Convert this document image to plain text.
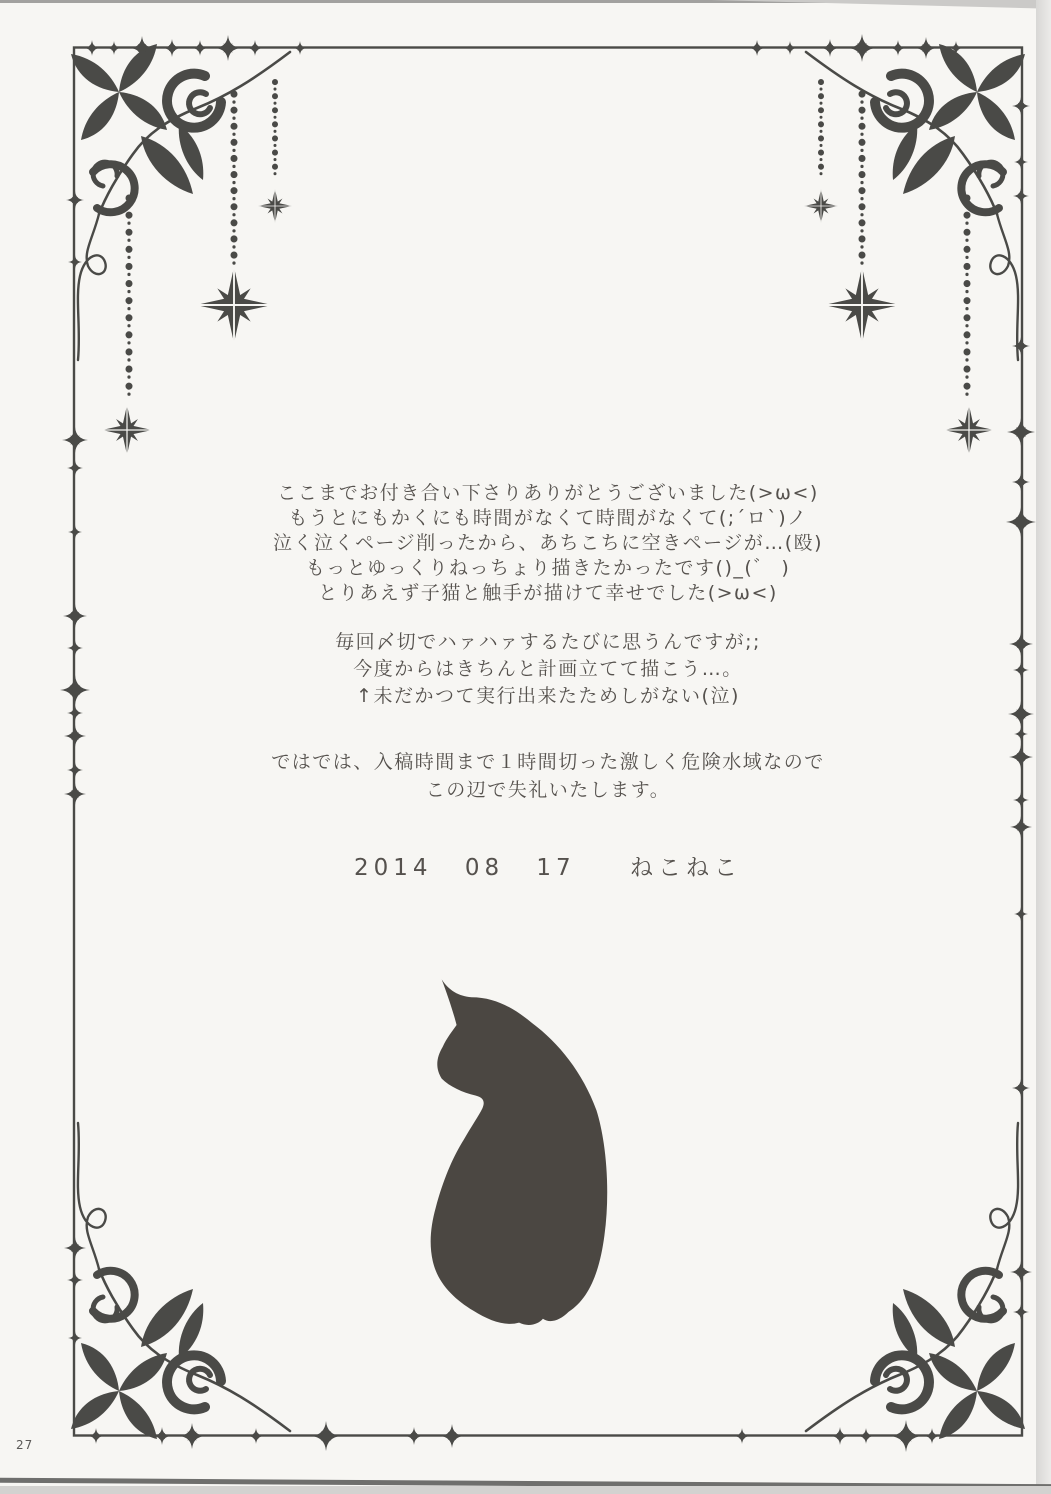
ここまでお付き合い下さりありがとうございました(>ω<)
もうとにもかくにも時間がなくて時間がなくて(;´ロ`)ノ
泣く泣くページ削ったから、あちこちに空きページが…(殴)
もっとゆっくりねっちょり描きたかったです()_(゛ )
とりあえず子猫と触手が描けて幸せでした(>ω<)
毎回〆切でハァハァするたびに思うんですが;;
今度からはきちんと計画立てて描こう…。
↑未だかつて実行出来たためしがない(泣)
ではでは、入稿時間まで１時間切った激しく危険水域なので
この辺で失礼いたします。
2014 08 17 ねこねこ
27
